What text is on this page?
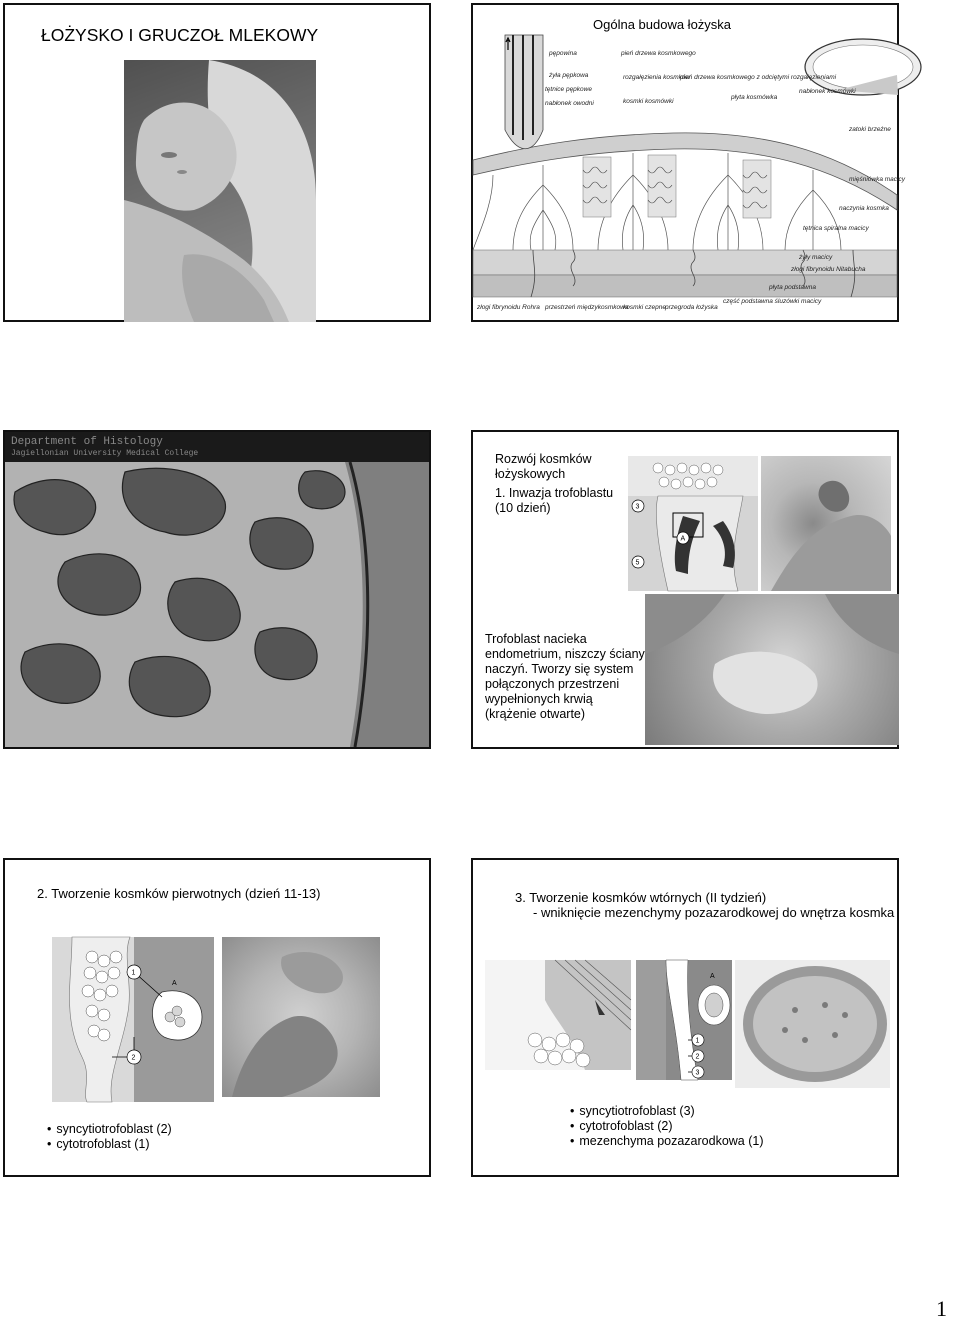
ŁOŻYSKO I GRUCZOŁ MLEKOWY
Ogólna budowa łożyska
pępowina
żyła pępkowa
tętnice pępkowe
nabłonek owodni
pień drzewa kosmkowego
rozgałęzienia kosmków
kosmki kosmówki
pień drzewa kosmkowego z odciętymi rozgałęzieniami
płyta kosmówka
nabłonek kosmówki
zatoki brzeżne
mięśniówka macicy
naczynia kosmka
tętnica spiralna macicy
żyły macicy
złogi fibrynoidu Nitabucha
płyta podstawna
złogi fibrynoidu Rohra przestrzeń międzykosmkowa
kosmki czepne przegroda łożyska
część podstawna śluzówki macicy
Department of Histology
Jagiellonian University Medical College	Rozwój kosmków łożyskowych
1. Inwazja trofoblastu (10 dzień)	3
5
A
Trofoblast nacieka endometrium, niszczy ściany naczyń. Tworzy się system połączonych przestrzeni wypełnionych krwią (krążenie otwarte)
2. Tworzenie kosmków pierwotnych (dzień 11-13)
1
2
A
• syncytiotrofoblast (2)
• cytotrofoblast (1)
3. Tworzenie kosmków wtórnych (II tydzień)
- wniknięcie mezenchymy pozazarodkowej do wnętrza kosmka
1
2
3
A
• syncytiotrofoblast (3)
• cytotrofoblast (2)
• mezenchyma pozazarodkowa (1)
1
